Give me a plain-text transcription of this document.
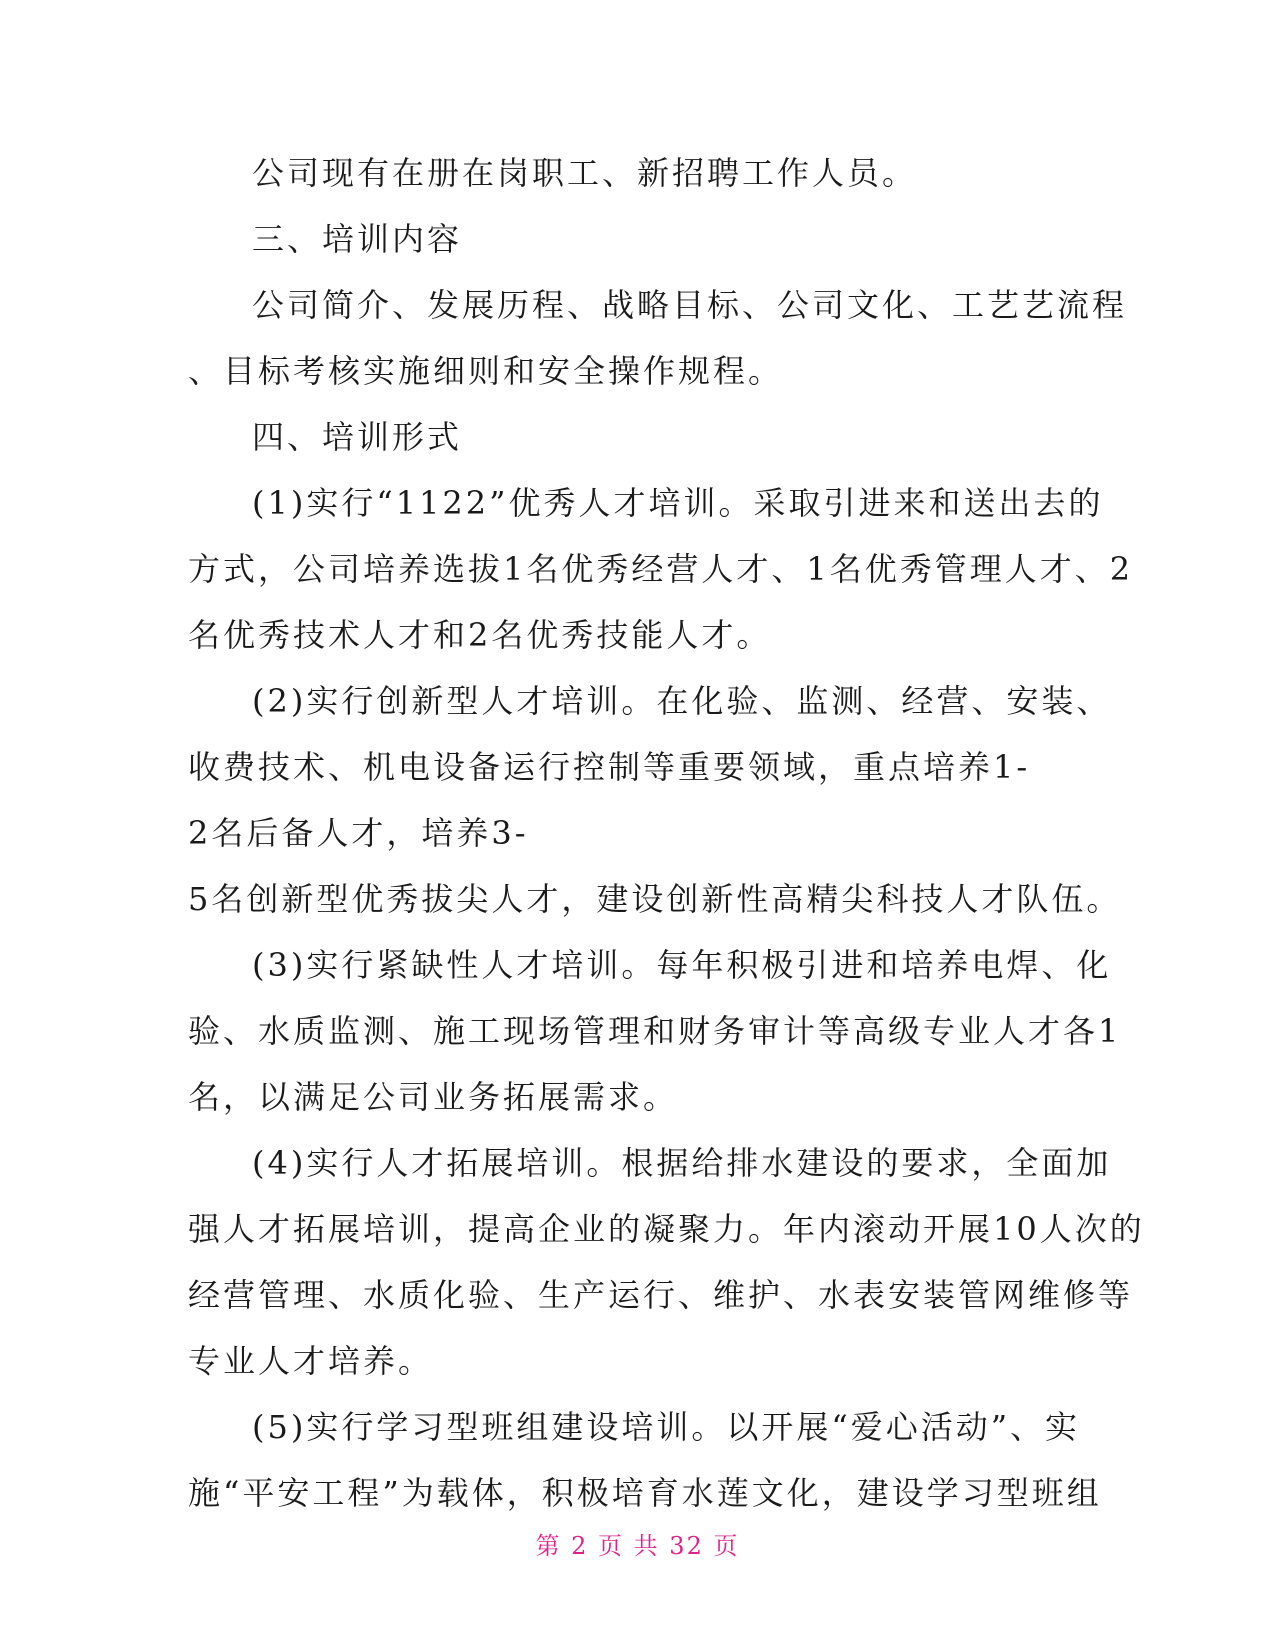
公司现有在册在岗职工、新招聘工作人员。
三、培训内容
公司简介、发展历程、战略目标、公司文化、工艺艺流程
、目标考核实施细则和安全操作规程。
四、培训形式
(1)实行“1122”优秀人才培训。采取引进来和送出去的
方式，公司培养选拔1名优秀经营人才、1名优秀管理人才、2
名优秀技术人才和2名优秀技能人才。
(2)实行创新型人才培训。在化验、监测、经营、安装、
收费技术、机电设备运行控制等重要领域，重点培养1-
2名后备人才，培养3-
5名创新型优秀拔尖人才，建设创新性高精尖科技人才队伍。
(3)实行紧缺性人才培训。每年积极引进和培养电焊、化
验、水质监测、施工现场管理和财务审计等高级专业人才各1
名，以满足公司业务拓展需求。
(4)实行人才拓展培训。根据给排水建设的要求，全面加
强人才拓展培训，提高企业的凝聚力。年内滚动开展10人次的
经营管理、水质化验、生产运行、维护、水表安装管网维修等
专业人才培养。
(5)实行学习型班组建设培训。以开展“爱心活动”、实
施“平安工程”为载体，积极培育水莲文化，建设学习型班组
第 2 页 共 32 页
